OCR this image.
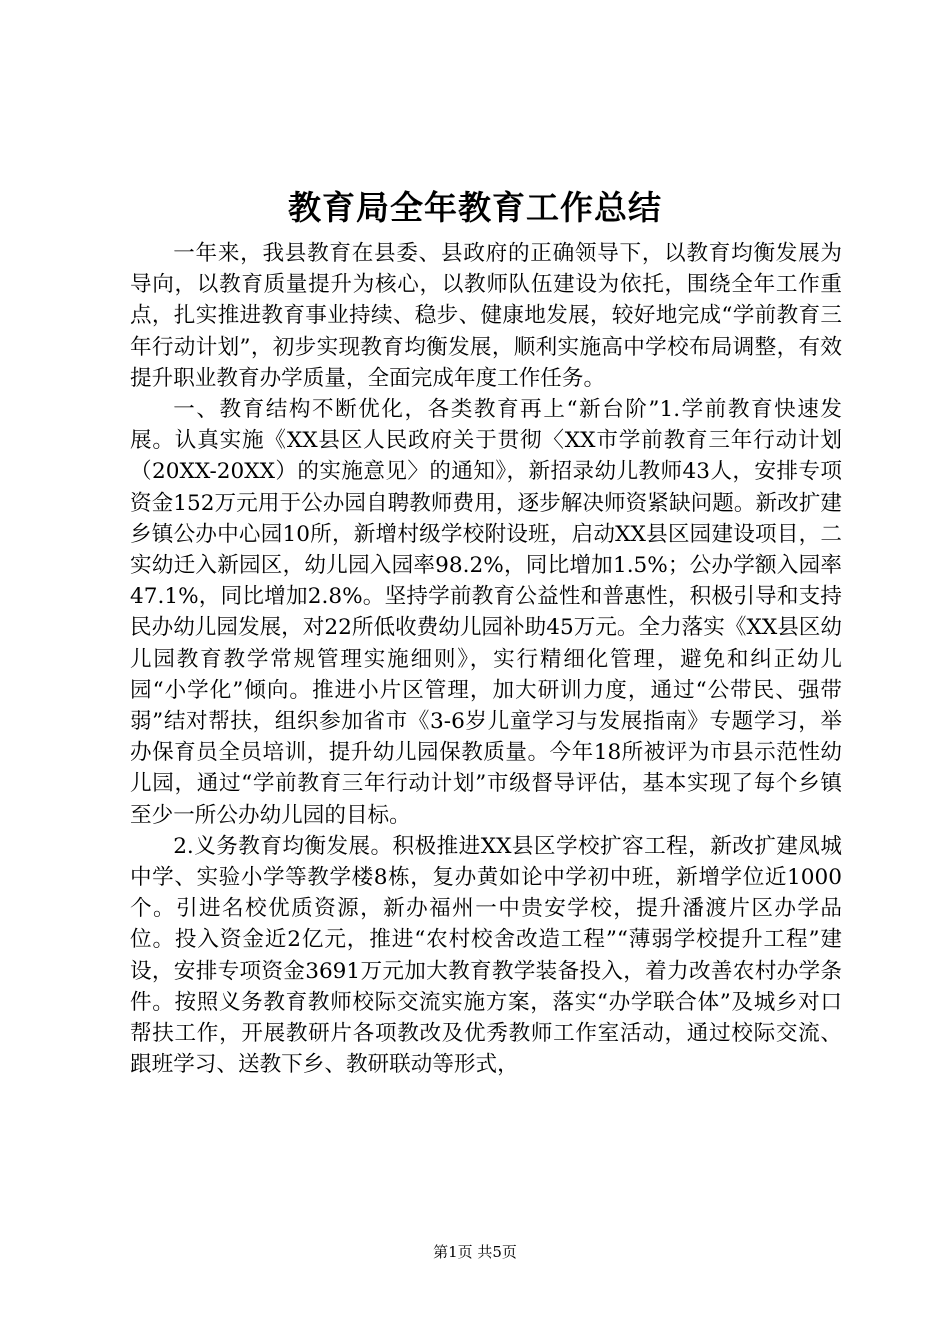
教育局全年教育工作总结

一年来，我县教育在县委、县政府的正确领导下，以教育均衡发展为导向，以教育质量提升为核心，以教师队伍建设为依托，围绕全年工作重点，扎实推进教育事业持续、稳步、健康地发展，较好地完成“学前教育三年行动计划”，初步实现教育均衡发展，顺利实施高中学校布局调整，有效提升职业教育办学质量，全面完成年度工作任务。

一、教育结构不断优化，各类教育再上“新台阶”1.学前教育快速发展。认真实施《XX县区人民政府关于贯彻〈XX市学前教育三年行动计划（20XX-20XX）的实施意见〉的通知》，新招录幼儿教师43人，安排专项资金152万元用于公办园自聘教师费用，逐步解决师资紧缺问题。新改扩建乡镇公办中心园10所，新增村级学校附设班，启动XX县区园建设项目，二实幼迁入新园区，幼儿园入园率98.2%，同比增加1.5%；公办学额入园率47.1%，同比增加2.8%。坚持学前教育公益性和普惠性，积极引导和支持民办幼儿园发展，对22所低收费幼儿园补助45万元。全力落实《XX县区幼儿园教育教学常规管理实施细则》，实行精细化管理，避免和纠正幼儿园“小学化”倾向。推进小片区管理，加大研训力度，通过“公带民、强带弱”结对帮扶，组织参加省市《3-6岁儿童学习与发展指南》专题学习，举办保育员全员培训，提升幼儿园保教质量。今年18所被评为市县示范性幼儿园，通过“学前教育三年行动计划”市级督导评估，基本实现了每个乡镇至少一所公办幼儿园的目标。

2.义务教育均衡发展。积极推进XX县区学校扩容工程，新改扩建凤城中学、实验小学等教学楼8栋，复办黄如论中学初中班，新增学位近1000个。引进名校优质资源，新办福州一中贵安学校，提升潘渡片区办学品位。投入资金近2亿元，推进“农村校舍改造工程”“薄弱学校提升工程”建设，安排专项资金3691万元加大教育教学装备投入，着力改善农村办学条件。按照义务教育教师校际交流实施方案，落实“办学联合体”及城乡对口帮扶工作，开展教研片各项教改及优秀教师工作室活动，通过校际交流、跟班学习、送教下乡、教研联动等形式，

第1页 共5页
